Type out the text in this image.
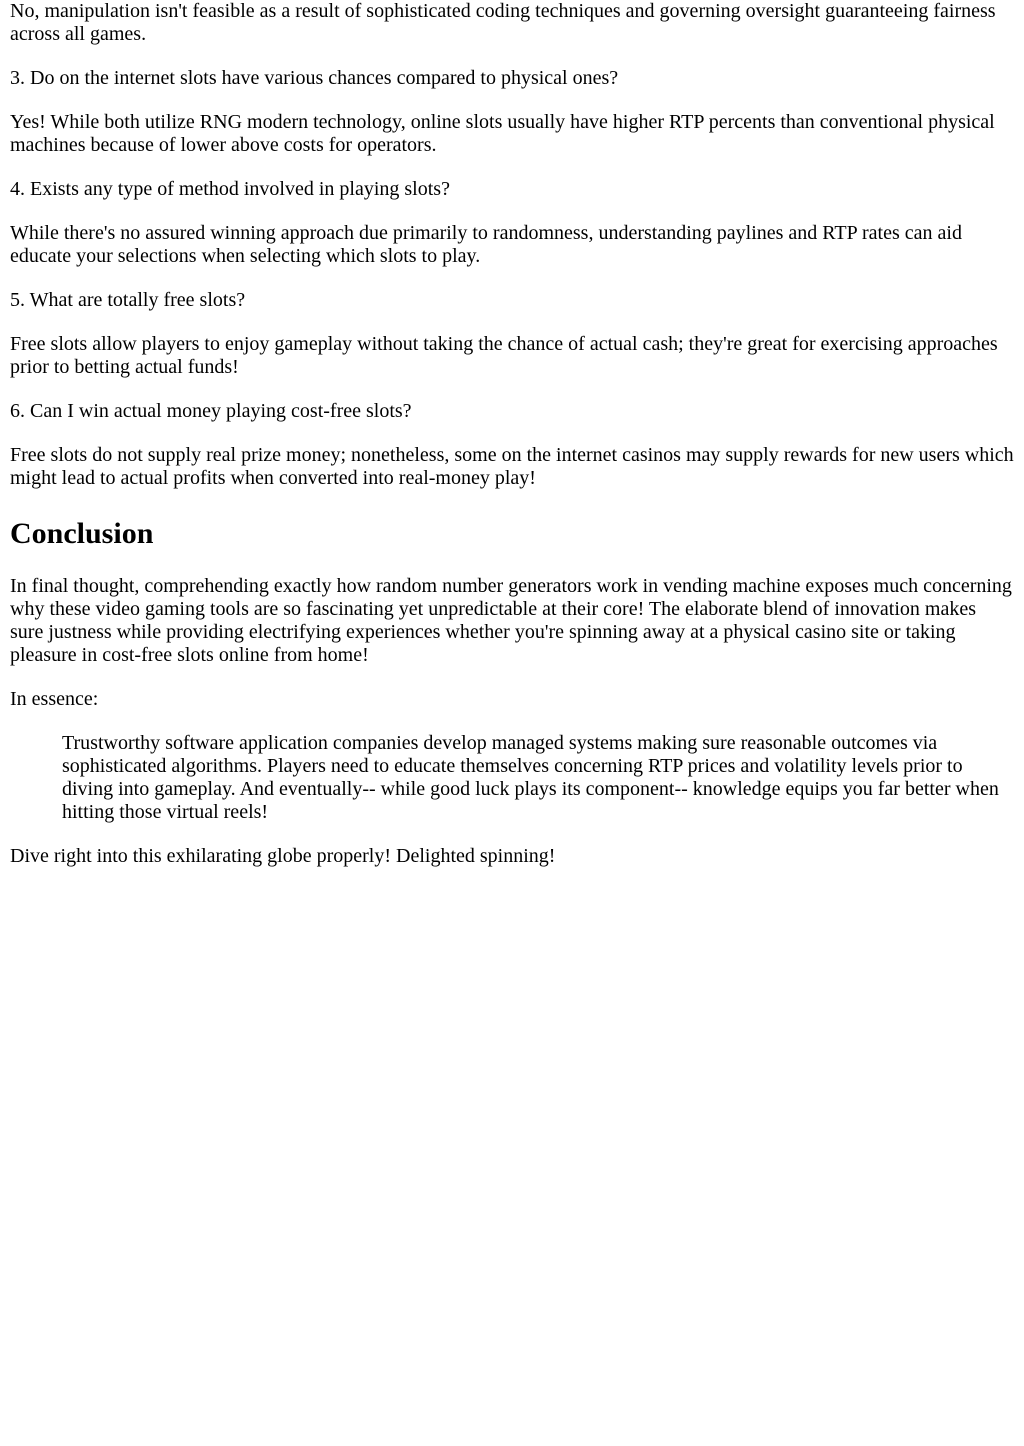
No, manipulation isn't feasible as a result of sophisticated coding techniques and governing oversight guaranteeing fairness across all games.

3. Do on the internet slots have various chances compared to physical ones?

Yes! While both utilize RNG modern technology, online slots usually have higher RTP percents than conventional physical machines because of lower above costs for operators.

4. Exists any type of method involved in playing slots?

While there's no assured winning approach due primarily to randomness, understanding paylines and RTP rates can aid educate your selections when selecting which slots to play.

5. What are totally free slots?

Free slots allow players to enjoy gameplay without taking the chance of actual cash; they're great for exercising approaches prior to betting actual funds!

6. Can I win actual money playing cost-free slots?

Free slots do not supply real prize money; nonetheless, some on the internet casinos may supply rewards for new users which might lead to actual profits when converted into real-money play!

Conclusion

In final thought, comprehending exactly how random number generators work in vending machine exposes much concerning why these video gaming tools are so fascinating yet unpredictable at their core! The elaborate blend of innovation makes sure justness while providing electrifying experiences whether you're spinning away at a physical casino site or taking pleasure in cost-free slots online from home!

In essence:

Trustworthy software application companies develop managed systems making sure reasonable outcomes via sophisticated algorithms. Players need to educate themselves concerning RTP prices and volatility levels prior to diving into gameplay. And eventually-- while good luck plays its component-- knowledge equips you far better when hitting those virtual reels!

Dive right into this exhilarating globe properly! Delighted spinning!
